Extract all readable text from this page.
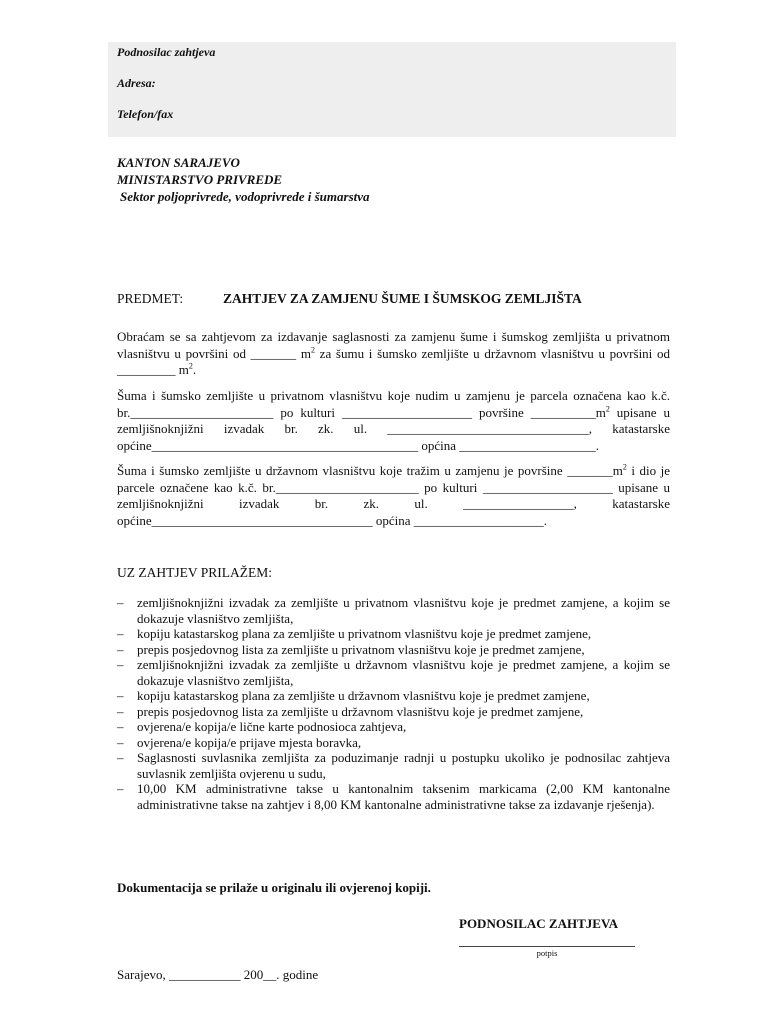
Podnosilac zahtjeva
Adresa:
Telefon/fax
KANTON SARAJEVO
MINISTARSTVO PRIVREDE
Sektor poljoprivrede, vodoprivrede i šumarstva
PREDMET:	ZAHTJEV ZA ZAMJENU ŠUME I ŠUMSKOG ZEMLJIŠTA
Obraćam se sa zahtjevom za izdavanje saglasnosti za zamjenu šume i šumskog zemljišta u privatnom vlasništvu u površini od _______ $m^2$ za šumu i šumsko zemljište u državnom vlasništvu u površini od _________ $m^2$.
Šuma i šumsko zemljište u privatnom vlasništvu koje nudim u zamjenu je parcela označena kao k.č. br.______________________ po kulturi ____________________ površine $\_\_\_\_\_\_\_\_\_\_m^2$ upisane u zemljišnoknjižni izvadak br. zk. ul. _______________________________, katastarske općine_________________________________________ općina _____________________.
Šuma i šumsko zemljište u državnom vlasništvu koje tražim u zamjenu je površine $\_\_\_\_\_\_\_m^2$ i dio je parcele označene kao k.č. br.______________________ po kulturi ____________________ upisane u zemljišnoknjižni izvadak br. zk. ul. _________________, katastarske općine__________________________________ općina ____________________.
UZ ZAHTJEV PRILAŽEM:
– zemljišnoknjižni izvadak za zemljište u privatnom vlasništvu koje je predmet zamjene, a kojim se dokazuje vlasništvo zemljišta,
– kopiju katastarskog plana za zemljište u privatnom vlasništvu koje je predmet zamjene,
– prepis posjedovnog lista za zemljište u privatnom vlasništvu koje je predmet zamjene,
– zemljišnoknjižni izvadak za zemljište u državnom vlasništvu koje je predmet zamjene, a kojim se dokazuje vlasništvo zemljišta,
– kopiju katastarskog plana za zemljište u državnom vlasništvu koje je predmet zamjene,
– prepis posjedovnog lista za zemljište u državnom vlasništvu koje je predmet zamjene,
– ovjerena/e kopija/e lične karte podnosioca zahtjeva,
– ovjerena/e kopija/e prijave mjesta boravka,
– Saglasnosti suvlasnika zemljišta za poduzimanje radnji u postupku ukoliko je podnosilac zahtjeva suvlasnik zemljišta ovjerenu u sudu,
– 10,00 KM administrativne takse u kantonalnim taksenim markicama (2,00 KM kantonalne administrativne takse na zahtjev i 8,00 KM kantonalne administrativne takse za izdavanje rješenja).
Dokumentacija se prilaže u originalu ili ovjerenoj kopiji.
PODNOSILAC ZAHTJEVA
potpis
Sarajevo, ___________ 200__. godine
